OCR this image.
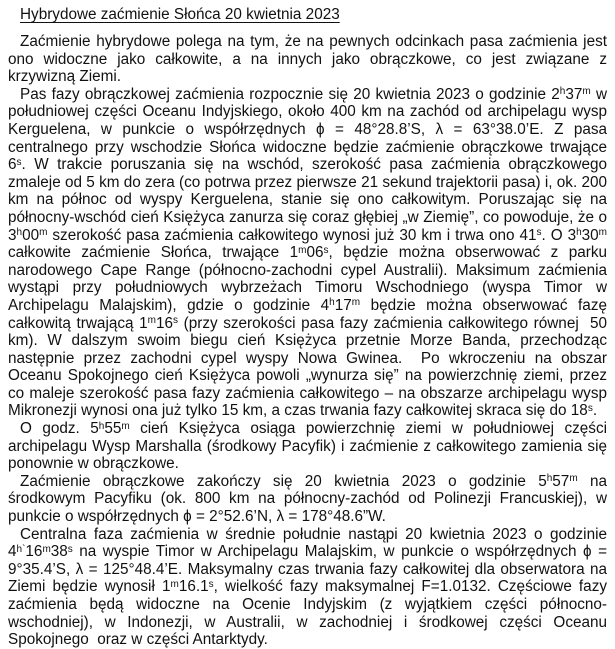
Hybrydowe zaćmienie Słońca 20 kwietnia 2023

Zaćmienie hybrydowe polega na tym, że na pewnych odcinkach pasa zaćmienia jest ono widoczne jako całkowite, a na innych jako obrączkowe, co jest związane z krzywizną Ziemi.

Pas fazy obrączkowej zaćmienia rozpocznie się 20 kwietnia 2023 o godzinie 2$^h$37$^m$ w południowej części Oceanu Indyjskiego, około 400 km na zachód od archipelagu wysp Kerguelena, w punkcie o współrzędnych ϕ = 48°28.8’S, λ = 63°38.0’E. Z pasa centralnego przy wschodzie Słońca widoczne będzie zaćmienie obrączkowe trwające 6$^s$. W trakcie poruszania się na wschód, szerokość pasa zaćmienia obrączkowego zmaleje od 5 km do zera (co potrwa przez pierwsze 21 sekund trajektorii pasa) i, ok. 200 km na północ od wyspy Kerguelena, stanie się ono całkowitym. Poruszając się na północny-wschód cień Księżyca zanurza się coraz głębiej „w Ziemię”, co powoduje, że o 3$^h$00$^m$ szerokość pasa zaćmienia całkowitego wynosi już 30 km i trwa ono 41$^s$. O 3$^h$30$^m$ całkowite zaćmienie Słońca, trwające 1$^m$06$^s$, będzie można obserwować z parku narodowego Cape Range (północno-zachodni cypel Australii). Maksimum zaćmienia wystąpi przy południowych wybrzeżach Timoru Wschodniego (wyspa Timor w Archipelagu Malajskim), gdzie o godzinie 4$^h$17$^m$ będzie można obserwować fazę całkowitą trwającą 1$^m$16$^s$ (przy szerokości pasa fazy zaćmienia całkowitego równej  50 km). W dalszym swoim biegu cień Księżyca przetnie Morze Banda, przechodząc następnie przez zachodni cypel wyspy Nowa Gwinea.  Po wkroczeniu na obszar Oceanu Spokojnego cień Księżyca powoli „wynurza się” na powierzchnię ziemi, przez co maleje szerokość pasa fazy zaćmienia całkowitego – na obszarze archipelagu wysp Mikronezji wynosi ona już tylko 15 km, a czas trwania fazy całkowitej skraca się do 18$^s$.

O godz. 5$^h$55$^m$ cień Księżyca osiąga powierzchnię ziemi w południowej części archipelagu Wysp Marshalla (środkowy Pacyfik) i zaćmienie z całkowitego zamienia się ponownie w obrączkowe.

Zaćmienie obrączkowe zakończy się 20 kwietnia 2023 o godzinie 5$^h$57$^m$ na środkowym Pacyfiku (ok. 800 km na północny-zachód od Polinezji Francuskiej), w punkcie o współrzędnych ϕ = 2°52.6’N, λ = 178°48.6”W.

Centralna faza zaćmienia w średnie południe nastąpi 20 kwietnia 2023 o godzinie $4^{h`}16^m38^s$ na wyspie Timor w Archipelagu Malajskim, w punkcie o współrzędnych ϕ = 9°35.4’S, λ = 125°48.4’E. Maksymalny czas trwania fazy całkowitej dla obserwatora na Ziemi będzie wynosił 1$^m$16.1$^s$, wielkość fazy maksymalnej F=1.0132. Częściowe fazy zaćmienia będą widoczne na Ocenie Indyjskim (z wyjątkiem części północno-wschodniej), w Indonezji, w Australii, w zachodniej i środkowej części Oceanu Spokojnego  oraz w części Antarktydy.
